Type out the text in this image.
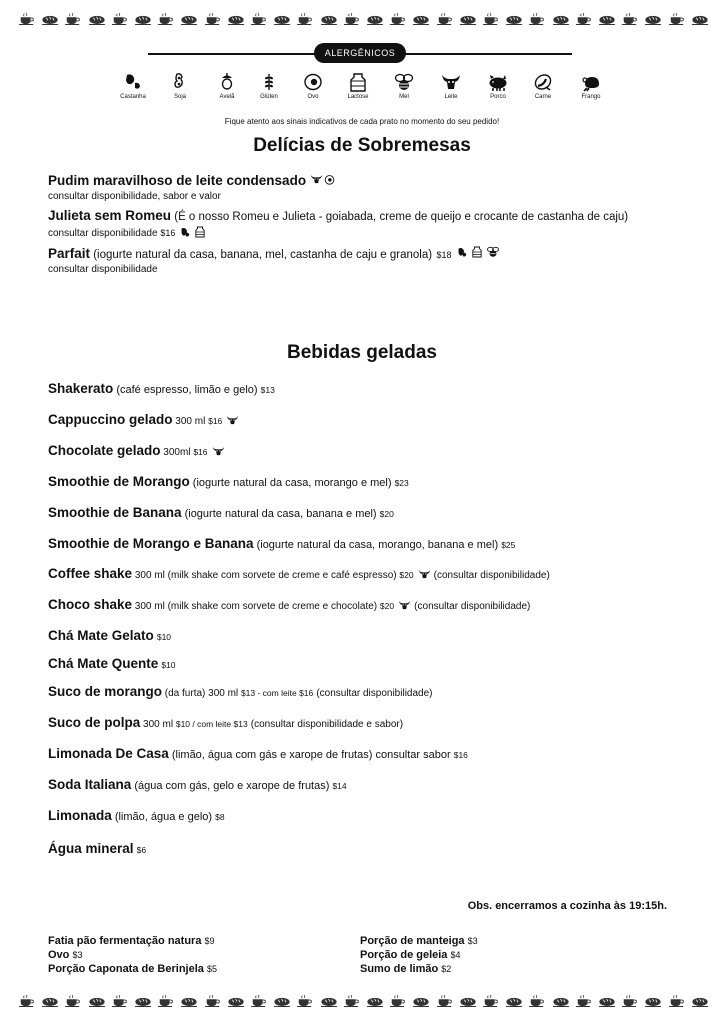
ALERGÊNICOS
Castanha	Soja	Avelã	Glúten	Ovo	Lactose	Mel	Leite	Porco	Carne	Frango
Fique atento aos sinais indicativos de cada prato no momento do seu pedido!
Delícias de Sobremesas
Pudim maravilhoso de leite condensado
consultar disponibilidade, sabor e valor
Julieta sem Romeu (É o nosso Romeu e Julieta - goiabada, creme de queijo e crocante de castanha de caju)
consultar disponibilidade $16
Parfait (iogurte natural da casa, banana, mel, castanha de caju e granola) $18
consultar disponibilidade
Bebidas geladas
Shakerato (café espresso, limão e gelo) $13
Cappuccino gelado 300 ml $16
Chocolate gelado 300ml $16
Smoothie de Morango (iogurte natural da casa, morango e mel) $23
Smoothie de Banana (iogurte natural da casa, banana e mel) $20
Smoothie de Morango e Banana (iogurte natural da casa, morango, banana e mel) $25
Coffee shake 300 ml (milk shake com sorvete de creme e café espresso) $20 (consultar disponibilidade)
Choco shake 300 ml (milk shake com sorvete de creme e chocolate) $20 (consultar disponibilidade)
Chá Mate Gelato $10
Chá Mate Quente $10
Suco de morango (da furta) 300 ml $13 - com leite $16 (consultar disponibilidade)
Suco de polpa 300 ml $10 / com leite $13 (consultar disponibilidade e sabor)
Limonada De Casa (limão, água com gás e xarope de frutas) consultar sabor $16
Soda Italiana (água com gás, gelo e xarope de frutas) $14
Limonada (limão, água e gelo) $8
Água mineral $6
Obs. encerramos a cozinha às 19:15h.
Fatia pão fermentação natura $9
Ovo $3
Porção Caponata de Berinjela $5
Porção de manteiga $3
Porção de geleia $4
Sumo de limão $2
